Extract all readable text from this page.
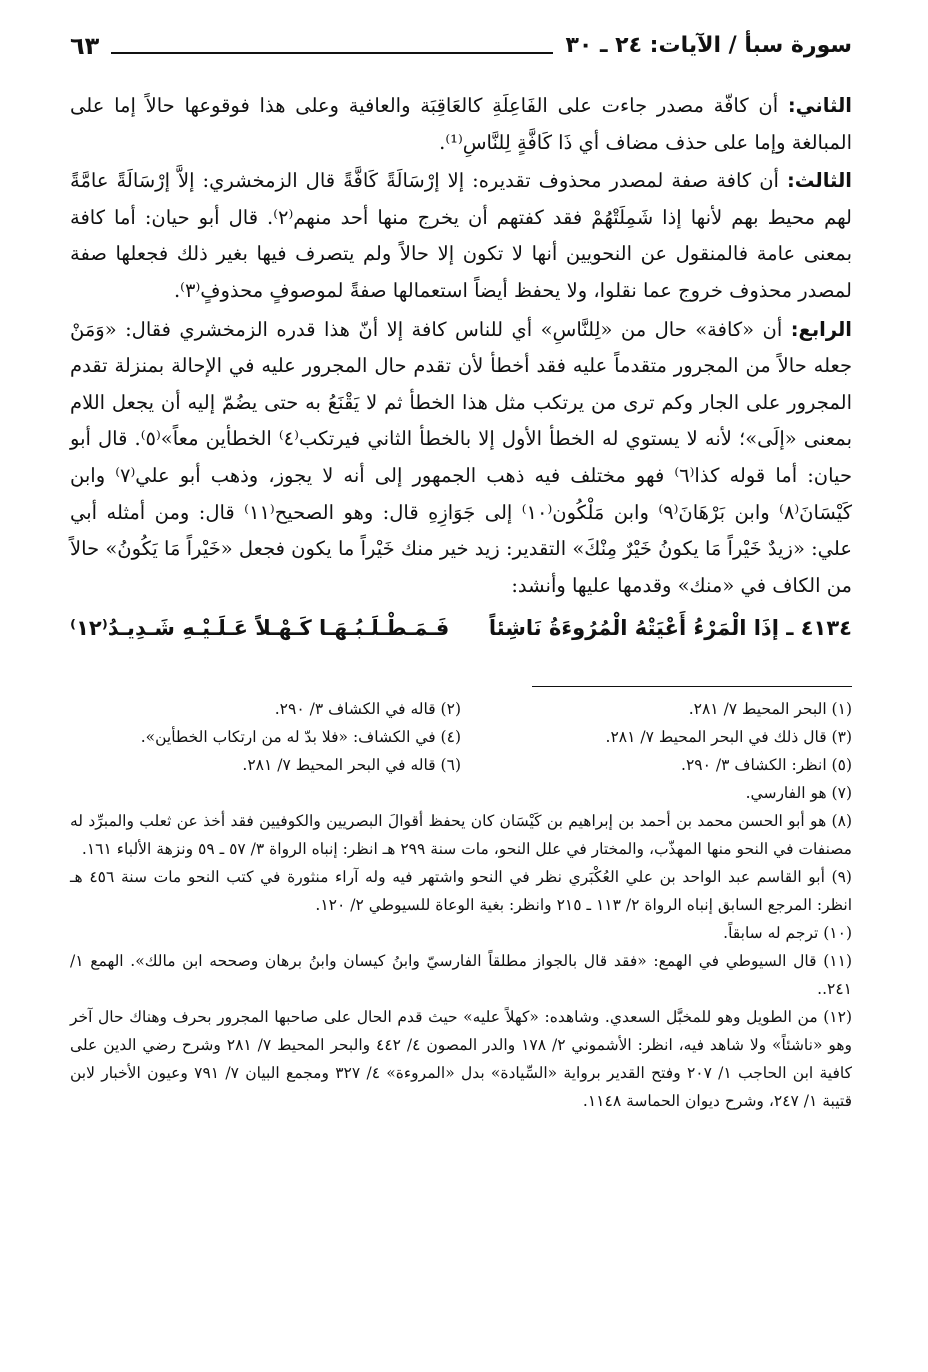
سورة سبأ / الآيات: ٢٤ ـ ٣٠
٦٣

الثاني: أن كافّة مصدر جاءت على الفَاعِلَةِ كالعَاقِبَة والعافية وعلى هذا فوقوعها حالاً إما على المبالغة وإما على حذف مضاف أي ذَا كَافَّةٍ لِلنَّاسِ⁽¹⁾.

الثالث: أن كافة صفة لمصدر محذوف تقديره: إلا إرْسَالَةً كَافَّةً قال الزمخشري: إلاَّ إرْسَالَةً عامَّةً لهم محيط بهم لأنها إذا شَمِلَتْهُمْ فقد كفتهم أن يخرج منها أحد منهم⁽٢⁾. قال أبو حيان: أما كافة بمعنى عامة فالمنقول عن النحويين أنها لا تكون إلا حالاً ولم يتصرف فيها بغير ذلك فجعلها صفة لمصدر محذوف خروج عما نقلوا، ولا يحفظ أيضاً استعمالها صفةً لموصوفٍ محذوفٍ⁽٣⁾.

الرابع: أن «كافة» حال من «لِلنَّاسِ» أي للناس كافة إلا أنّ هذا قدره الزمخشري فقال: «وَمَنْ جعله حالاً من المجرور متقدماً عليه فقد أخطأ لأن تقدم حال المجرور عليه في الإحالة بمنزلة تقدم المجرور على الجار وكم ترى من يرتكب مثل هذا الخطأ ثم لا يَقْنَعُ به حتى يضُمّ إليه أن يجعل اللام بمعنى «إلَى»؛ لأنه لا يستوي له الخطأ الأول إلا بالخطأ الثاني فيرتكب⁽٤⁾ الخطأين معاً»⁽٥⁾. قال أبو حيان: أما قوله كذا⁽٦⁾ فهو مختلف فيه ذهب الجمهور إلى أنه لا يجوز، وذهب أبو علي⁽٧⁾ وابن كَيْسَانَ⁽٨⁾ وابن بَرْهَانَ⁽٩⁾ وابن مَلْكُون⁽١٠⁾ إلى جَوَازِهِ قال: وهو الصحيح⁽١١⁾ قال: ومن أمثله أبي علي: «زيدٌ خَيْراً مَا يكونُ خَيْرٌ مِنْكَ» التقدير: زيد خير منك خَيْراً ما يكون فجعل «خَيْراً مَا يَكُونُ» حالاً من الكاف في «منك» وقدمها عليها وأنشد:

٤١٣٤ ـ إذَا الْمَرْءُ أَعْيَتْهُ الْمُرُوءَةُ نَاشِئاً
فَـمَـطْـلَـبُـهَـا كَـهْـلاً عَـلَـيْـهِ شَـدِيـدُ⁽١٢⁾
(١) البحر المحيط ٧/ ٢٨١.
(٢) قاله في الكشاف ٣/ ٢٩٠.
(٣) قال ذلك في البحر المحيط ٧/ ٢٨١.
(٤) في الكشاف: «فلا بدّ له من ارتكاب الخطأين».
(٥) انظر: الكشاف ٣/ ٢٩٠.
(٦) قاله في البحر المحيط ٧/ ٢٨١.
(٧) هو الفارسي.
(٨) هو أبو الحسن محمد بن أحمد بن إبراهيم بن كَيْسَان كان يحفظ أقوالَ البصريين والكوفيين فقد أخذ عن ثعلب والمبرِّد له مصنفات في النحو منها المهذّب، والمختار في علل النحو، مات سنة ٢٩٩ هـ انظر: إنباه الرواة ٣/ ٥٧ ـ ٥٩ ونزهة الألباء ١٦١.
(٩) أبو القاسم عبد الواحد بن علي العُكْبَري نظر في النحو واشتهر فيه وله آراء منثورة في كتب النحو مات سنة ٤٥٦ هـ انظر: المرجع السابق إنباه الرواة ٢/ ١١٣ ـ ٢١٥ وانظر: بغية الوعاة للسيوطي ٢/ ١٢٠.
(١٠) ترجم له سابقاً.
(١١) قال السيوطي في الهمع: «فقد قال بالجواز مطلقاً الفارسيّ وابنُ كيسان وابنُ برهان وصححه ابن مالك». الهمع ١/ ٢٤١..
(١٢) من الطويل وهو للمخبَّل السعدي. وشاهده: «كهلاً عليه» حيث قدم الحال على صاحبها المجرور بحرف وهناك حال آخر وهو «ناشئاً» ولا شاهد فيه، انظر: الأشموني ٢/ ١٧٨ والدر المصون ٤/ ٤٤٢ والبحر المحيط ٧/ ٢٨١ وشرح رضي الدين على كافية ابن الحاجب ١/ ٢٠٧ وفتح القدير برواية «السِّيادة» بدل «المروءة» ٤/ ٣٢٧ ومجمع البيان ٧/ ٧٩١ وعيون الأخبار لابن قتيبة ١/ ٢٤٧، وشرح ديوان الحماسة ١١٤٨.
